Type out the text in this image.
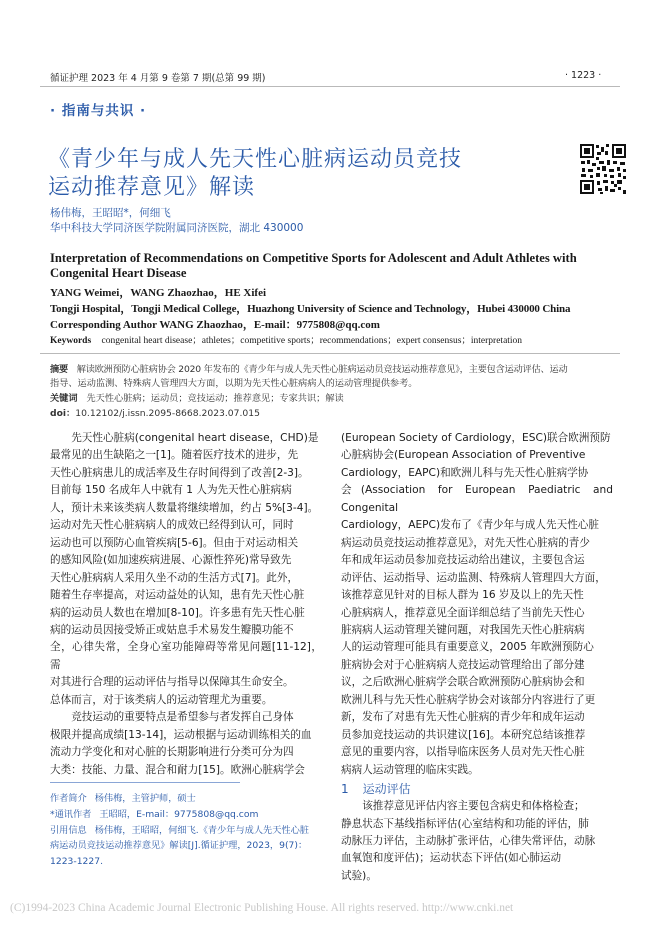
循证护理 2023 年 4 月第 9 卷第 7 期(总第 99 期)	· 1223 ·
· 指南与共识 ·
《青少年与成人先天性心脏病运动员竞技
运动推荐意见》解读
杨伟梅，王昭昭*，何细飞
华中科技大学同济医学院附属同济医院，湖北 430000
Interpretation of Recommendations on Competitive Sports for Adolescent and Adult Athletes with
Congenital Heart Disease
YANG Weimei，WANG Zhaozhao，HE Xifei
Tongji Hospital，Tongji Medical College，Huazhong University of Science and Technology，Hubei 430000 China
Corresponding Author WANG Zhaozhao，E-mail：9775808@qq.com
Keywords congenital heart disease；athletes；competitive sports；recommendations；expert consensus；interpretation
摘要 解读欧洲预防心脏病协会 2020 年发布的《青少年与成人先天性心脏病运动员竞技运动推荐意见》，主要包含运动评估、运动
指导、运动监测、特殊病人管理四大方面，以期为先天性心脏病病人的运动管理提供参考。
关键词 先天性心脏病；运动员；竞技运动；推荐意见；专家共识；解读
doi：10.12102/j.issn.2095-8668.2023.07.015
先天性心脏病(congenital heart disease，CHD)是
最常见的出生缺陷之一[1]。随着医疗技术的进步，先
天性心脏病患儿的成活率及生存时间得到了改善[2-3]。
目前每 150 名成年人中就有 1 人为先天性心脏病病
人，预计未来该类病人数量将继续增加，约占 5%[3-4]。
运动对先天性心脏病病人的成效已经得到认可，同时
运动也可以预防心血管疾病[5-6]。但由于对运动相关
的感知风险(如加速疾病进展、心源性猝死)常导致先
天性心脏病病人采用久坐不动的生活方式[7]。此外，
随着生存率提高，对运动益处的认知，患有先天性心脏
病的运动员人数也在增加[8-10]。许多患有先天性心脏
病的运动员因接受矫正或姑息手术易发生瓣膜功能不
全，心律失常，全身心室功能障碍等常见问题[11-12]，需
对其进行合理的运动评估与指导以保障其生命安全。
总体而言，对于该类病人的运动管理尤为重要。
竞技运动的重要特点是希望参与者发挥自己身体
极限并提高成绩[13-14]，运动根据与运动训练相关的血
流动力学变化和对心脏的长期影响进行分类可分为四
大类：技能、力量、混合和耐力[15]。欧洲心脏病学会
作者简介 杨伟梅，主管护师，硕士
*通讯作者 王昭昭，E-mail：9775808@qq.com
引用信息 杨伟梅，王昭昭，何细飞.《青少年与成人先天性心脏
病运动员竞技运动推荐意见》解读[J].循证护理，2023，9(7)：
1223-1227.
(European Society of Cardiology，ESC)联合欧洲预防
心脏病协会(European Association of Preventive
Cardiology，EAPC)和欧洲儿科与先天性心脏病学协
会(Association for European Paediatric and Congenital
Cardiology，AEPC)发布了《青少年与成人先天性心脏
病运动员竞技运动推荐意见》，对先天性心脏病的青少
年和成年运动员参加竞技运动给出建议，主要包含运
动评估、运动指导、运动监测、特殊病人管理四大方面，
该推荐意见针对的目标人群为 16 岁及以上的先天性
心脏病病人，推荐意见全面详细总结了当前先天性心
脏病病人运动管理关键问题，对我国先天性心脏病病
人的运动管理可能具有重要意义，2005 年欧洲预防心
脏病协会对于心脏病病人竞技运动管理给出了部分建
议，之后欧洲心脏病学会联合欧洲预防心脏病协会和
欧洲儿科与先天性心脏病学协会对该部分内容进行了更
新，发布了对患有先天性心脏病的青少年和成年运动
员参加竞技运动的共识建议[16]。本研究总结该推荐
意见的重要内容，以指导临床医务人员对先天性心脏
病病人运动管理的临床实践。
1 运动评估
该推荐意见评估内容主要包含病史和体格检查；
静息状态下基线指标评估(心室结构和功能的评估，肺
动脉压力评估，主动脉扩张评估，心律失常评估，动脉
血氧饱和度评估)；运动状态下评估(如心肺运动
试验)。
(C)1994-2023 China Academic Journal Electronic Publishing House. All rights reserved. http://www.cnki.net
